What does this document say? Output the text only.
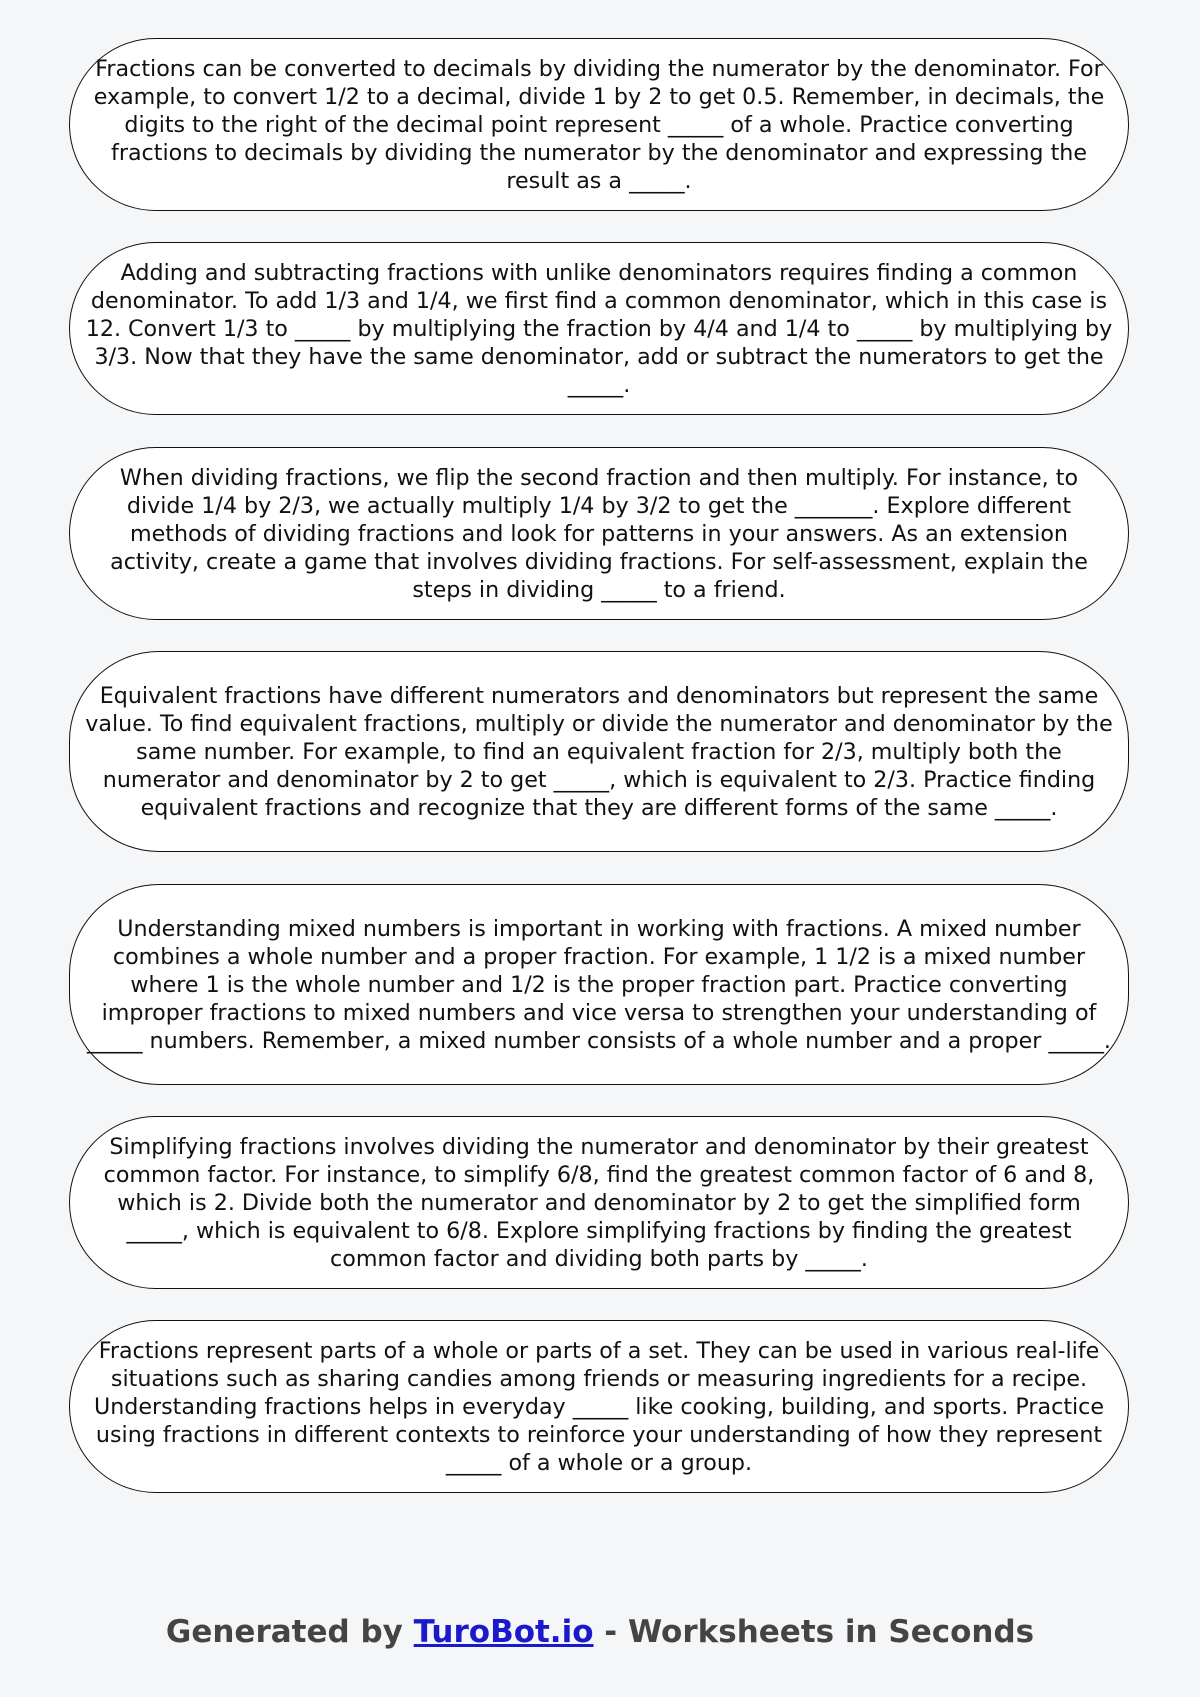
Fractions can be converted to decimals by dividing the numerator by the denominator. For example, to convert 1/2 to a decimal, divide 1 by 2 to get 0.5. Remember, in decimals, the digits to the right of the decimal point represent _____ of a whole. Practice converting fractions to decimals by dividing the numerator by the denominator and expressing the result as a _____.

Adding and subtracting fractions with unlike denominators requires finding a common denominator. To add 1/3 and 1/4, we first find a common denominator, which in this case is 12. Convert 1/3 to _____ by multiplying the fraction by 4/4 and 1/4 to _____ by multiplying by 3/3. Now that they have the same denominator, add or subtract the numerators to get the _____.

When dividing fractions, we flip the second fraction and then multiply. For instance, to divide 1/4 by 2/3, we actually multiply 1/4 by 3/2 to get the _______. Explore different methods of dividing fractions and look for patterns in your answers. As an extension activity, create a game that involves dividing fractions. For self-assessment, explain the steps in dividing _____ to a friend.

Equivalent fractions have different numerators and denominators but represent the same value. To find equivalent fractions, multiply or divide the numerator and denominator by the same number. For example, to find an equivalent fraction for 2/3, multiply both the numerator and denominator by 2 to get _____, which is equivalent to 2/3. Practice finding equivalent fractions and recognize that they are different forms of the same _____.

Understanding mixed numbers is important in working with fractions. A mixed number combines a whole number and a proper fraction. For example, 1 1/2 is a mixed number where 1 is the whole number and 1/2 is the proper fraction part. Practice converting improper fractions to mixed numbers and vice versa to strengthen your understanding of _____ numbers. Remember, a mixed number consists of a whole number and a proper _____.

Simplifying fractions involves dividing the numerator and denominator by their greatest common factor. For instance, to simplify 6/8, find the greatest common factor of 6 and 8, which is 2. Divide both the numerator and denominator by 2 to get the simplified form _____, which is equivalent to 6/8. Explore simplifying fractions by finding the greatest common factor and dividing both parts by _____.

Fractions represent parts of a whole or parts of a set. They can be used in various real-life situations such as sharing candies among friends or measuring ingredients for a recipe. Understanding fractions helps in everyday _____ like cooking, building, and sports. Practice using fractions in different contexts to reinforce your understanding of how they represent _____ of a whole or a group.

Generated by TuroBot.io - Worksheets in Seconds
